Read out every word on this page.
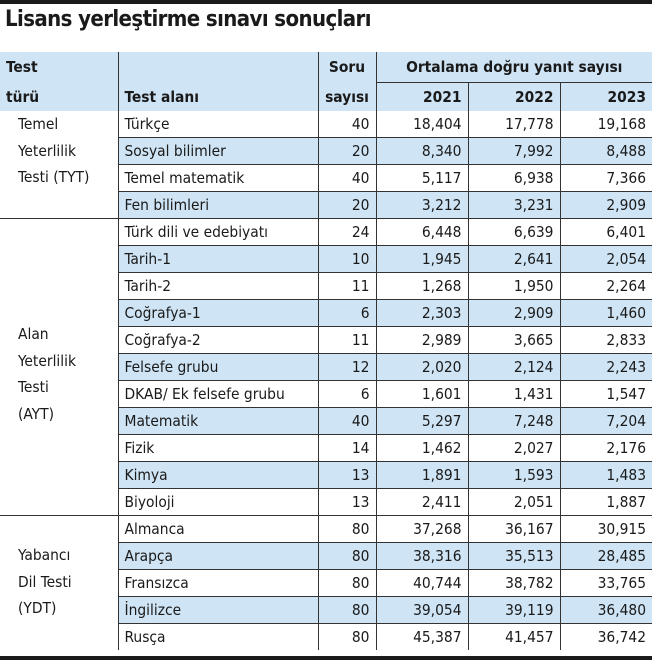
Lisans yerleştirme sınavı sonuçları
Test		Soru	Ortalama doğru yanıt sayısı		
türü	Test alanı	sayısı	2021	2022	2023

Temel
Yeterlilik
Testi (TYT)	Türkçe	40	18,404	17,778	19,168
	Sosyal bilimler	20	8,340	7,992	8,488
	Temel matematik	40	5,117	6,938	7,366
	Fen bilimleri	20	3,212	3,231	2,909

Alan
Yeterlilik
Testi
(AYT)	Türk dili ve edebiyatı	24	6,448	6,639	6,401
	Tarih-1	10	1,945	2,641	2,054
	Tarih-2	11	1,268	1,950	2,264
	Coğrafya-1	6	2,303	2,909	1,460
	Coğrafya-2	11	2,989	3,665	2,833
	Felsefe grubu	12	2,020	2,124	2,243
	DKAB/ Ek felsefe grubu	6	1,601	1,431	1,547
	Matematik	40	5,297	7,248	7,204
	Fizik	14	1,462	2,027	2,176
	Kimya	13	1,891	1,593	1,483
	Biyoloji	13	2,411	2,051	1,887

Yabancı
Dil Testi
(YDT)	Almanca	80	37,268	36,167	30,915
	Arapça	80	38,316	35,513	28,485
	Fransızca	80	40,744	38,782	33,765
	İngilizce	80	39,054	39,119	36,480
	Rusça	80	45,387	41,457	36,742
